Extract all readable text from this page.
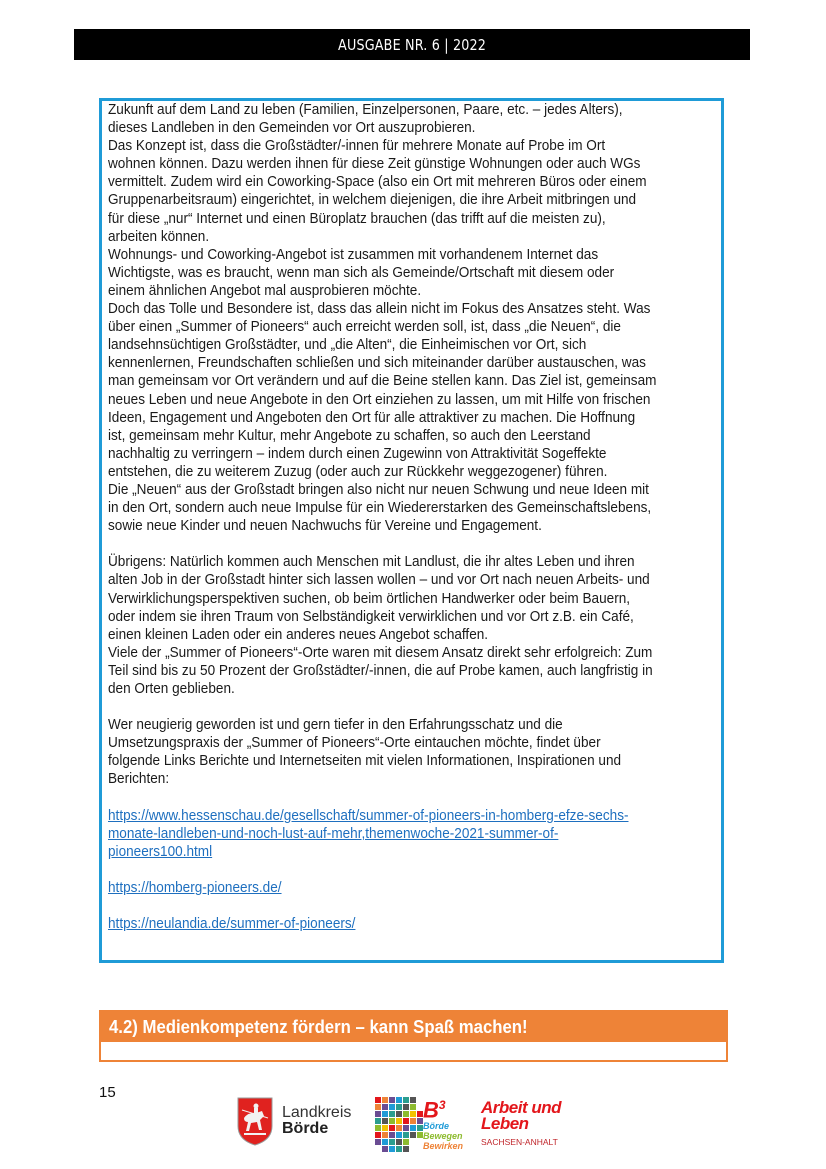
AUSGABE NR. 6 | 2022

Zukunft auf dem Land zu leben (Familien, Einzelpersonen, Paare, etc. – jedes Alters),

dieses Landleben in den Gemeinden vor Ort auszuprobieren.

Das Konzept ist, dass die Großstädter/-innen für mehrere Monate auf Probe im Ort

wohnen können. Dazu werden ihnen für diese Zeit günstige Wohnungen oder auch WGs

vermittelt. Zudem wird ein Coworking-Space (also ein Ort mit mehreren Büros oder einem

Gruppenarbeitsraum) eingerichtet, in welchem diejenigen, die ihre Arbeit mitbringen und

für diese „nur“ Internet und einen Büroplatz brauchen (das trifft auf die meisten zu),

arbeiten können.

Wohnungs- und Coworking-Angebot ist zusammen mit vorhandenem Internet das

Wichtigste, was es braucht, wenn man sich als Gemeinde/Ortschaft mit diesem oder

einem ähnlichen Angebot mal ausprobieren möchte.

Doch das Tolle und Besondere ist, dass das allein nicht im Fokus des Ansatzes steht. Was

über einen „Summer of Pioneers“ auch erreicht werden soll, ist, dass „die Neuen“, die

landsehnsüchtigen Großstädter, und „die Alten“, die Einheimischen vor Ort, sich

kennenlernen, Freundschaften schließen und sich miteinander darüber austauschen, was

man gemeinsam vor Ort verändern und auf die Beine stellen kann. Das Ziel ist, gemeinsam

neues Leben und neue Angebote in den Ort einziehen zu lassen, um mit Hilfe von frischen

Ideen, Engagement und Angeboten den Ort für alle attraktiver zu machen. Die Hoffnung

ist, gemeinsam mehr Kultur, mehr Angebote zu schaffen, so auch den Leerstand

nachhaltig zu verringern – indem durch einen Zugewinn von Attraktivität Sogeffekte

entstehen, die zu weiterem Zuzug (oder auch zur Rückkehr weggezogener) führen.

Die „Neuen“ aus der Großstadt bringen also nicht nur neuen Schwung und neue Ideen mit

in den Ort, sondern auch neue Impulse für ein Wiedererstarken des Gemeinschaftslebens,

sowie neue Kinder und neuen Nachwuchs für Vereine und Engagement.

Übrigens: Natürlich kommen auch Menschen mit Landlust, die ihr altes Leben und ihren

alten Job in der Großstadt hinter sich lassen wollen – und vor Ort nach neuen Arbeits- und

Verwirklichungsperspektiven suchen, ob beim örtlichen Handwerker oder beim Bauern,

oder indem sie ihren Traum von Selbständigkeit verwirklichen und vor Ort z.B. ein Café,

einen kleinen Laden oder ein anderes neues Angebot schaffen.

Viele der „Summer of Pioneers“-Orte waren mit diesem Ansatz direkt sehr erfolgreich: Zum

Teil sind bis zu 50 Prozent der Großstädter/-innen, die auf Probe kamen, auch langfristig in

den Orten geblieben.

Wer neugierig geworden ist und gern tiefer in den Erfahrungsschatz und die

Umsetzungspraxis der „Summer of Pioneers“-Orte eintauchen möchte, findet über

folgende Links Berichte und Internetseiten mit vielen Informationen, Inspirationen und

Berichten:

https://www.hessenschau.de/gesellschaft/summer-of-pioneers-in-homberg-efze-sechs-

monate-landleben-und-noch-lust-auf-mehr,themenwoche-2021-summer-of-

pioneers100.html

https://homberg-pioneers.de/

https://neulandia.de/summer-of-pioneers/

4.2) Medienkompetenz fördern – kann Spaß machen!
15
Landkreis
Börde
$B^3$
Börde
Bewegen
Bewirken
Arbeit und
Leben
SACHSEN-ANHALT
